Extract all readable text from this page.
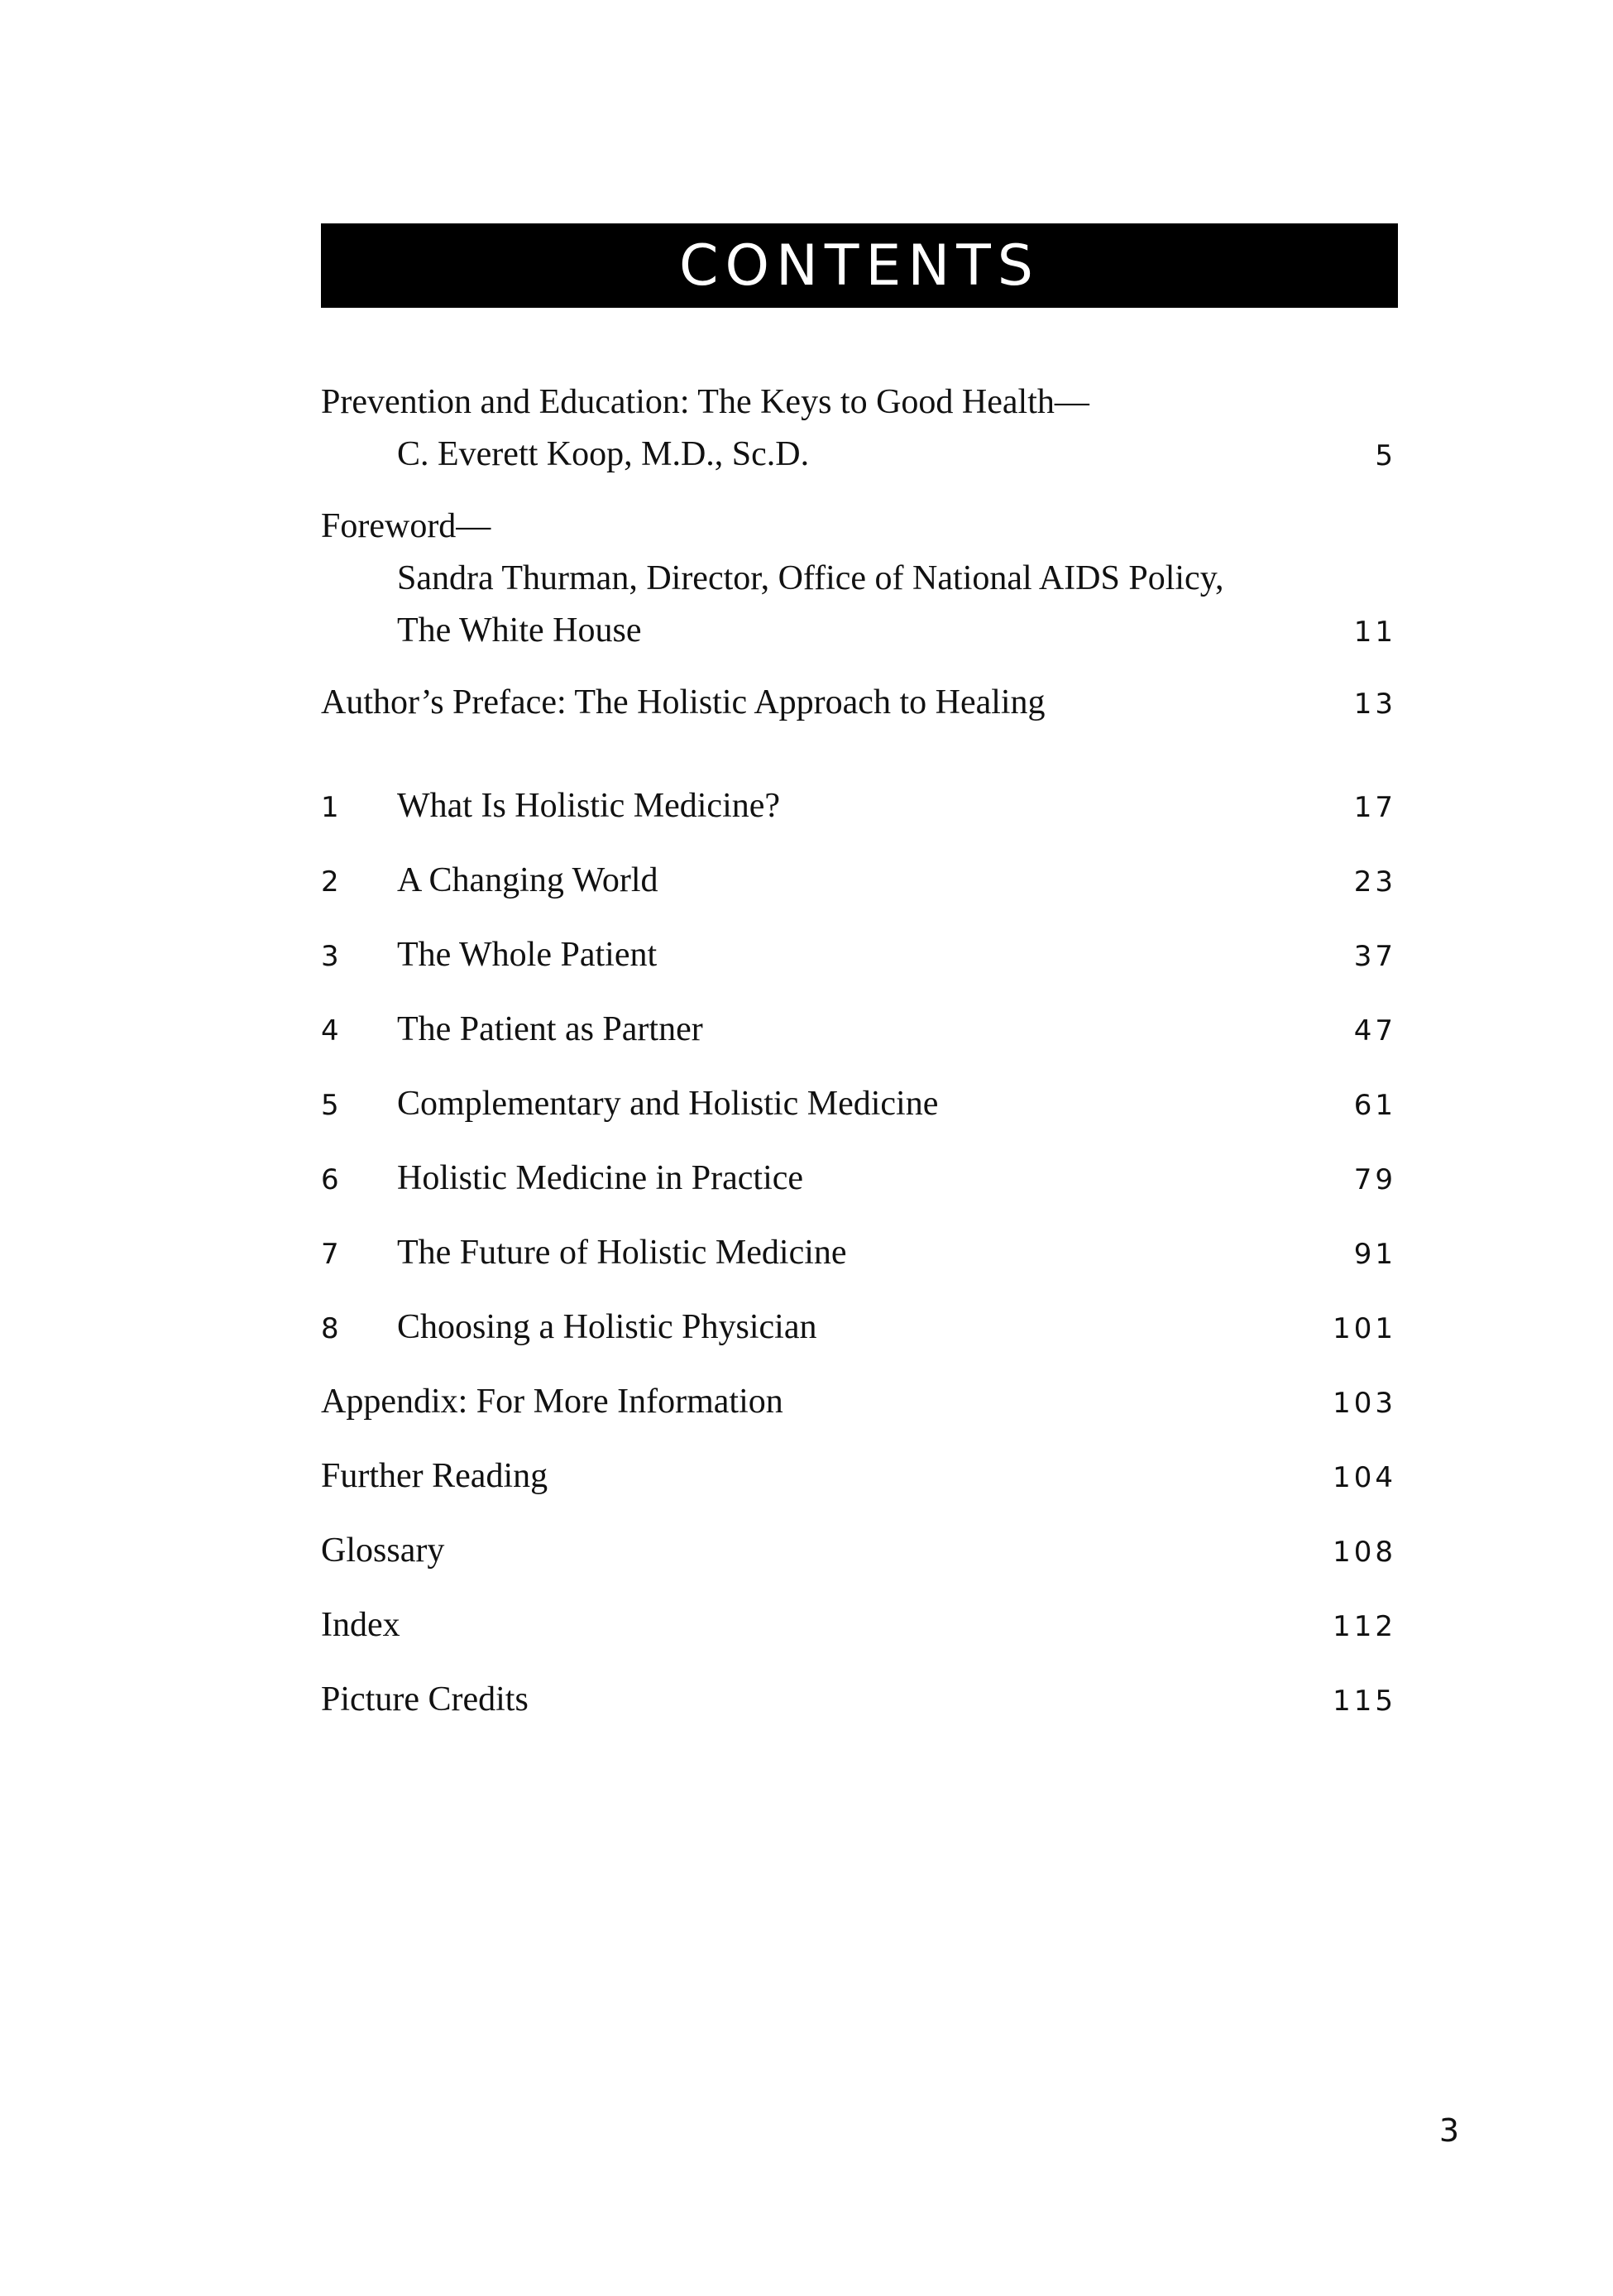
CONTENTS
Prevention and Education: The Keys to Good Health—
C. Everett Koop, M.D., Sc.D.	5
Foreword—
Sandra Thurman, Director, Office of National AIDS Policy,
The White House	11
Author’s Preface: The Holistic Approach to Healing	13
1 What Is Holistic Medicine?	17
2 A Changing World	23
3 The Whole Patient	37
4 The Patient as Partner	47
5 Complementary and Holistic Medicine	61
6 Holistic Medicine in Practice	79
7 The Future of Holistic Medicine	91
8 Choosing a Holistic Physician	101
Appendix: For More Information	103
Further Reading	104
Glossary	108
Index	112
Picture Credits	115
3
